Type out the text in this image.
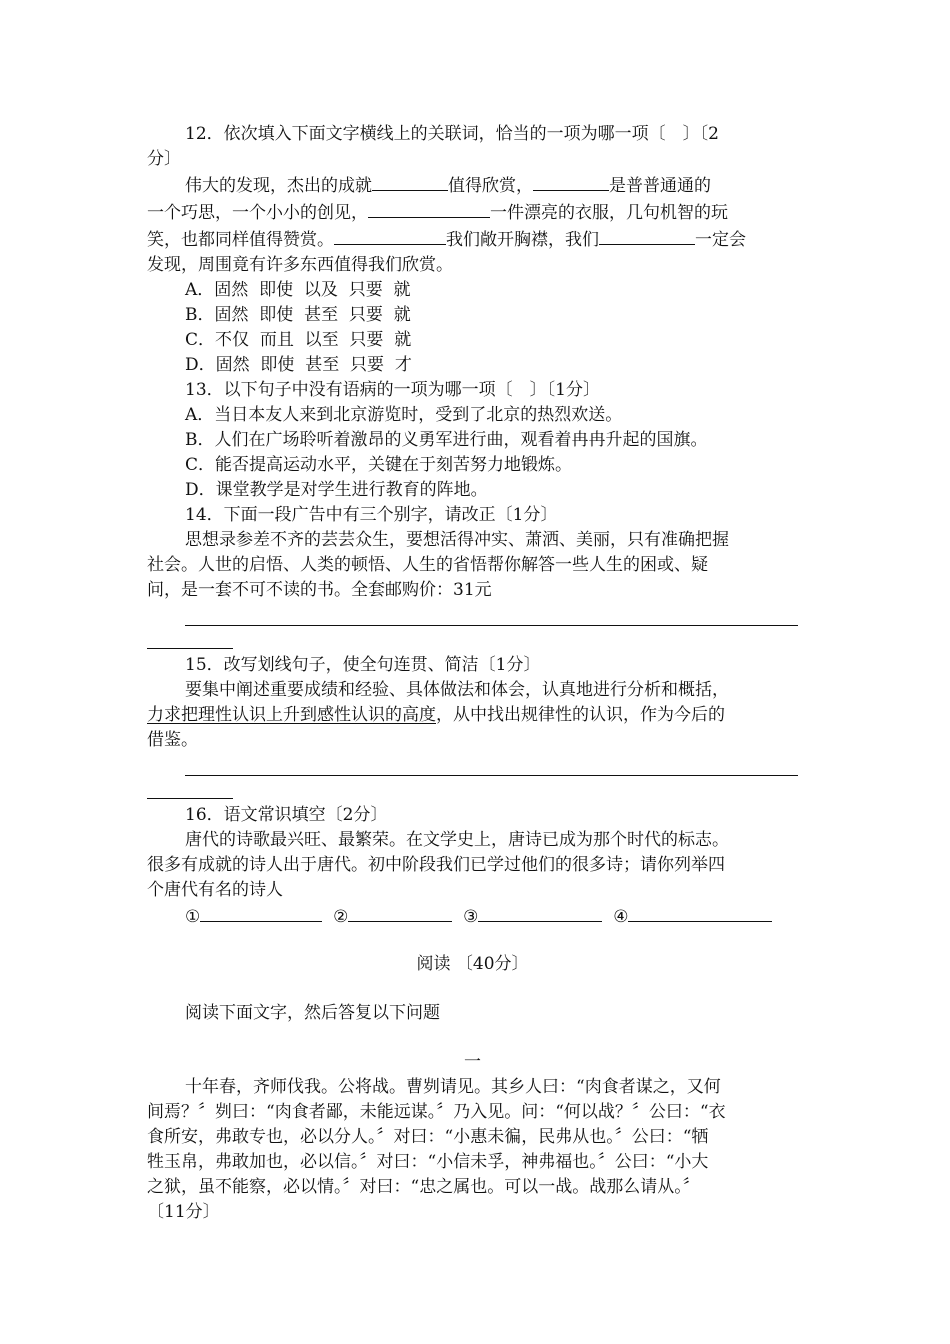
12．依次填入下面文字横线上的关联词，恰当的一项为哪一项〔　〕〔2

分〕

伟大的发现，杰出的成就	值得欣赏，	是普普通通的

一个巧思，一个小小的创见，	一件漂亮的衣服，几句机智的玩

笑，也都同样值得赞赏。	我们敞开胸襟，我们	一定会

发现，周围竟有许多东西值得我们欣赏。

A．固然  即使  以及  只要  就

B．固然  即使  甚至  只要  就

C．不仅  而且  以至  只要  就

D．固然  即使  甚至  只要  才

13．以下句子中没有语病的一项为哪一项〔　〕〔1分〕

A．当日本友人来到北京游览时，受到了北京的热烈欢送。

B．人们在广场聆听着激昂的义勇军进行曲，观看着冉冉升起的国旗。

C．能否提高运动水平，关键在于刻苦努力地锻炼。

D．课堂教学是对学生进行教育的阵地。

14．下面一段广告中有三个别字，请改正〔1分〕

思想录参差不齐的芸芸众生，要想活得冲实、萧洒、美丽，只有准确把握

社会。人世的启悟、人类的顿悟、人生的省悟帮你解答一些人生的困或、疑

问，是一套不可不读的书。全套邮购价：31元

15．改写划线句子，使全句连贯、简洁〔1分〕

要集中阐述重要成绩和经验、具体做法和体会，认真地进行分析和概括，

力求把理性认识上升到感性认识的高度，从中找出规律性的认识，作为今后的

借鉴。

16．语文常识填空〔2分〕

唐代的诗歌最兴旺、最繁荣。在文学史上，唐诗已成为那个时代的标志。

很多有成就的诗人出于唐代。初中阶段我们已学过他们的很多诗；请你列举四

个唐代有名的诗人

①	②	③	④

阅读 〔40分〕

阅读下面文字，然后答复以下问题

一

十年春，齐师伐我。公将战。曹刿请见。其乡人曰：“肉食者谋之，又何

间焉？〞刿曰：“肉食者鄙，未能远谋。〞乃入见。问：“何以战？〞公曰：“衣

食所安，弗敢专也，必以分人。〞对曰：“小惠未徧，民弗从也。〞公曰：“牺

牲玉帛，弗敢加也，必以信。〞对曰：“小信未孚，神弗福也。〞公曰：“小大

之狱，虽不能察，必以情。〞对曰：“忠之属也。可以一战。战那么请从。〞

〔11分〕
